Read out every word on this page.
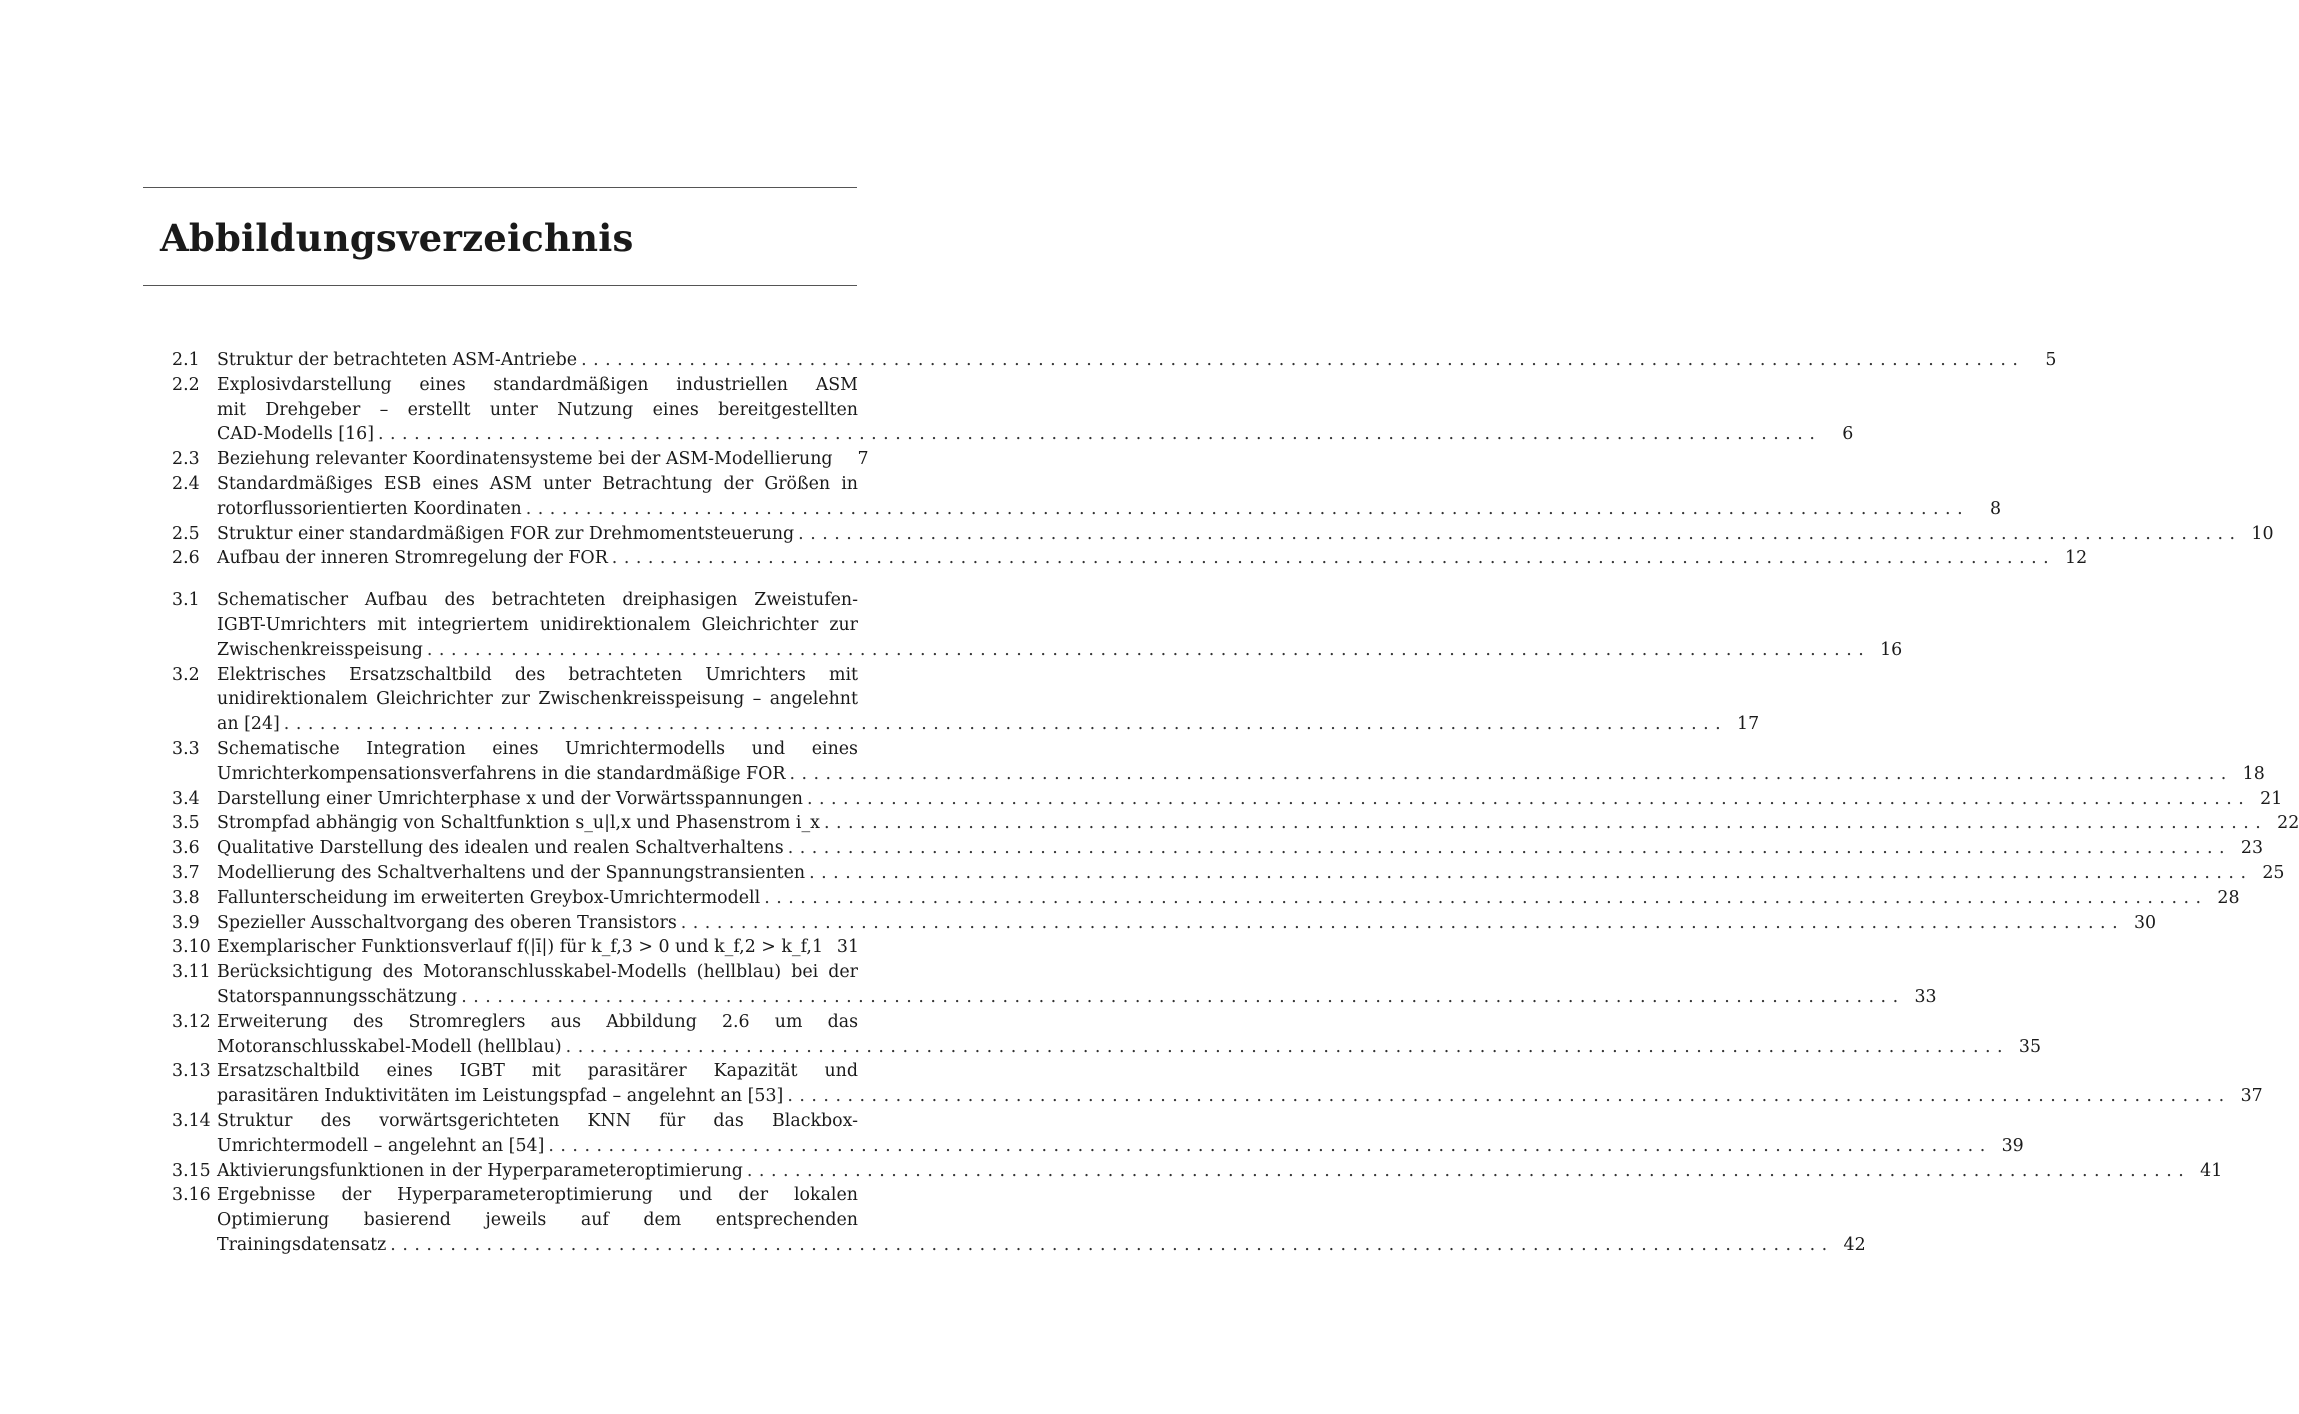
Abbildungsverzeichnis
2.1 Struktur der betrachteten ASM-Antriebe ........................................................................................................................	5
2.2 Explosivdarstellung eines standardmäßigen industriellen ASM
mit Drehgeber – erstellt unter Nutzung eines bereitgestellten
CAD-Modells [16] ........................................................................................................................	6
2.3 Beziehung relevanter Koordinatensysteme bei der ASM-Modellierung	7
2.4 Standardmäßiges ESB eines ASM unter Betrachtung der Größen in
rotorflussorientierten Koordinaten ........................................................................................................................	8
2.5 Struktur einer standardmäßigen FOR zur Drehmomentsteuerung ........................................................................................................................ 10
2.6 Aufbau der inneren Stromregelung der FOR ........................................................................................................................ 12
3.1 Schematischer Aufbau des betrachteten dreiphasigen Zweistufen-
IGBT-Umrichters mit integriertem unidirektionalem Gleichrichter zur
Zwischenkreisspeisung ........................................................................................................................ 16
3.2 Elektrisches Ersatzschaltbild des betrachteten Umrichters mit
unidirektionalem Gleichrichter zur Zwischenkreisspeisung – angelehnt
an [24] ........................................................................................................................ 17
3.3 Schematische Integration eines Umrichtermodells und eines
Umrichterkompensationsverfahrens in die standardmäßige FOR ........................................................................................................................ 18
3.4 Darstellung einer Umrichterphase x und der Vorwärtsspannungen ........................................................................................................................ 21
3.5 Strompfad abhängig von Schaltfunktion s_u|l,x und Phasenstrom i_x ........................................................................................................................ 22
3.6 Qualitative Darstellung des idealen und realen Schaltverhaltens ........................................................................................................................ 23
3.7 Modellierung des Schaltverhaltens und der Spannungstransienten ........................................................................................................................ 25
3.8 Fallunterscheidung im erweiterten Greybox-Umrichtermodell ........................................................................................................................ 28
3.9 Spezieller Ausschaltvorgang des oberen Transistors ........................................................................................................................ 30
3.10 Exemplarischer Funktionsverlauf f(|ī|) für k_f,3 > 0 und k_f,2 > k_f,1 31
3.11 Berücksichtigung des Motoranschlusskabel-Modells (hellblau) bei der
Statorspannungsschätzung ........................................................................................................................ 33
3.12 Erweiterung des Stromreglers aus Abbildung 2.6 um das
Motoranschlusskabel-Modell (hellblau) ........................................................................................................................ 35
3.13 Ersatzschaltbild eines IGBT mit parasitärer Kapazität und
parasitären Induktivitäten im Leistungspfad – angelehnt an [53] ........................................................................................................................ 37
3.14 Struktur des vorwärtsgerichteten KNN für das Blackbox-
Umrichtermodell – angelehnt an [54] ........................................................................................................................ 39
3.15 Aktivierungsfunktionen in der Hyperparameteroptimierung ........................................................................................................................ 41
3.16 Ergebnisse der Hyperparameteroptimierung und der lokalen
Optimierung basierend jeweils auf dem entsprechenden
Trainingsdatensatz ........................................................................................................................ 42
